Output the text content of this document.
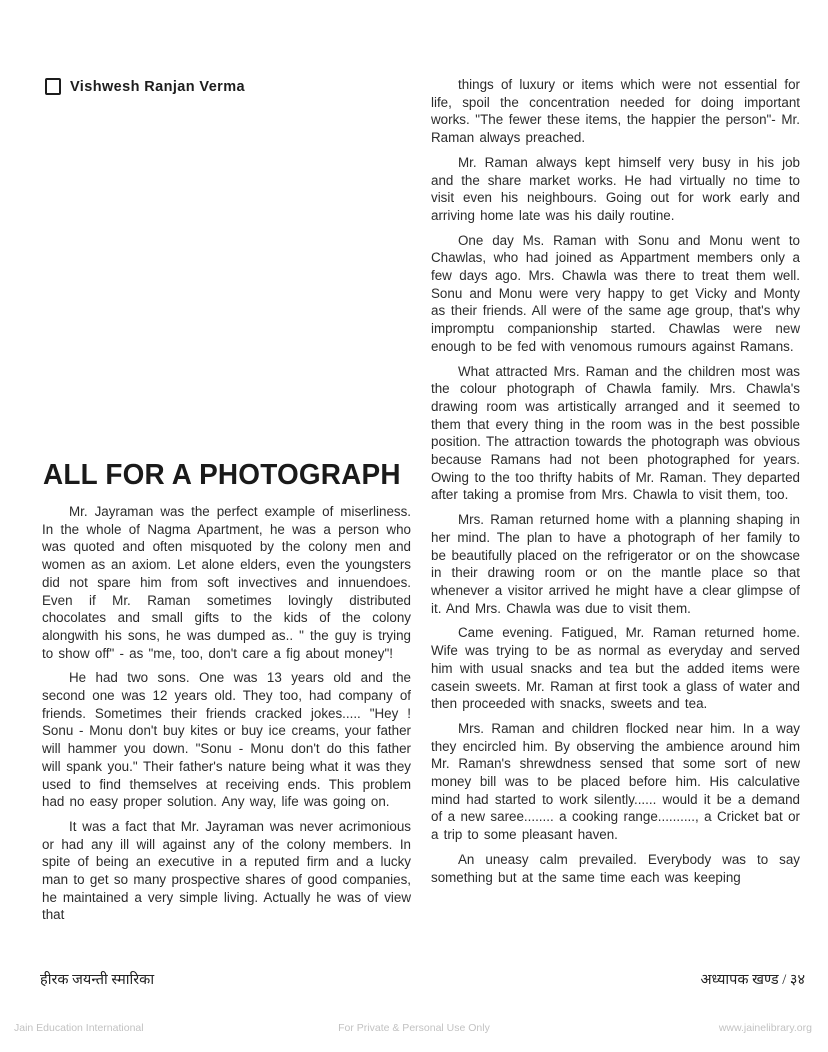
Vishwesh Ranjan Verma
ALL FOR A PHOTOGRAPH

Mr. Jayraman was the perfect example of miserliness. In the whole of Nagma Apartment, he was a person who was quoted and often misquoted by the colony men and women as an axiom. Let alone elders, even the youngsters did not spare him from soft invectives and innuendoes. Even if Mr. Raman sometimes lovingly distributed chocolates and small gifts to the kids of the colony alongwith his sons, he was dumped as.. " the guy is trying to show off" - as "me, too, don't care a fig about money"!

He had two sons. One was 13 years old and the second one was 12 years old. They too, had company of friends. Sometimes their friends cracked jokes..... "Hey ! Sonu - Monu don't buy kites or buy ice creams, your father will hammer you down. "Sonu - Monu don't do this father will spank you." Their father's nature being what it was they used to find themselves at receiving ends. This problem had no easy proper solution. Any way, life was going on.

It was a fact that Mr. Jayraman was never acrimonious or had any ill will against any of the colony members. In spite of being an executive in a reputed firm and a lucky man to get so many prospective shares of good companies, he maintained a very simple living. Actually he was of view that

things of luxury or items which were not essential for life, spoil the concentration needed for doing important works. "The fewer these items, the happier the person"- Mr. Raman always preached.

Mr. Raman always kept himself very busy in his job and the share market works. He had virtually no time to visit even his neighbours. Going out for work early and arriving home late was his daily routine.

One day Ms. Raman with Sonu and Monu went to Chawlas, who had joined as Appartment members only a few days ago. Mrs. Chawla was there to treat them well. Sonu and Monu were very happy to get Vicky and Monty as their friends. All were of the same age group, that's why impromptu companionship started. Chawlas were new enough to be fed with venomous rumours against Ramans.

What attracted Mrs. Raman and the children most was the colour photograph of Chawla family. Mrs. Chawla's drawing room was artistically arranged and it seemed to them that every thing in the room was in the best possible position. The attraction towards the photograph was obvious because Ramans had not been photographed for years. Owing to the too thrifty habits of Mr. Raman. They departed after taking a promise from Mrs. Chawla to visit them, too.

Mrs. Raman returned home with a planning shaping in her mind. The plan to have a photograph of her family to be beautifully placed on the refrigerator or on the showcase in their drawing room or on the mantle place so that whenever a visitor arrived he might have a clear glimpse of it. And Mrs. Chawla was due to visit them.

Came evening. Fatigued, Mr. Raman returned home. Wife was trying to be as normal as everyday and served him with usual snacks and tea but the added items were casein sweets. Mr. Raman at first took a glass of water and then proceeded with snacks, sweets and tea.

Mrs. Raman and children flocked near him. In a way they encircled him. By observing the ambience around him Mr. Raman's shrewdness sensed that some sort of new money bill was to be placed before him. His calculative mind had started to work silently...... would it be a demand of a new saree........ a cooking range.........., a Cricket bat or a trip to some pleasant haven.

An uneasy calm prevailed. Everybody was to say something but at the same time each was keeping

हीरक जयन्ती स्मारिका	अध्यापक खण्ड / ३४
Jain Education International	For Private & Personal Use Only	www.jainelibrary.org
